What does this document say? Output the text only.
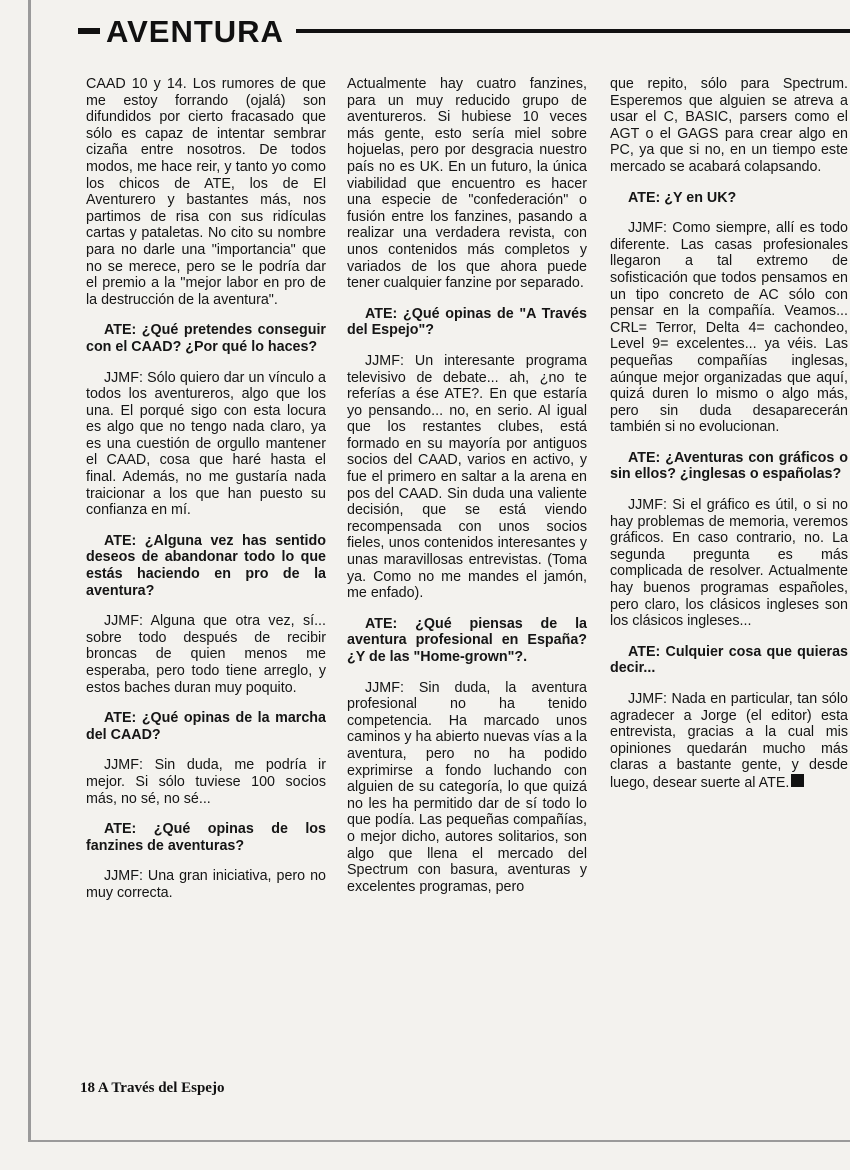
AVENTURA

CAAD 10 y 14. Los rumores de que me estoy forrando (ojalá) son difundidos por cierto fracasado que sólo es capaz de intentar sembrar cizaña entre nosotros. De todos modos, me hace reir, y tanto yo como los chicos de ATE, los de El Aventurero y bastantes más, nos partimos de risa con sus ridículas cartas y pataletas. No cito su nombre para no darle una "importancia" que no se merece, pero se le podría dar el premio a la "mejor labor en pro de la destrucción de la aventura".

ATE: ¿Qué pretendes conseguir con el CAAD? ¿Por qué lo haces?

JJMF: Sólo quiero dar un vínculo a todos los aventureros, algo que los una. El porqué sigo con esta locura es algo que no tengo nada claro, ya es una cuestión de orgullo mantener el CAAD, cosa que haré hasta el final. Además, no me gustaría nada traicionar a los que han puesto su confianza en mí.

ATE: ¿Alguna vez has sentido deseos de abandonar todo lo que estás haciendo en pro de la aventura?

JJMF: Alguna que otra vez, sí... sobre todo después de recibir broncas de quien menos me esperaba, pero todo tiene arreglo, y estos baches duran muy poquito.

ATE: ¿Qué opinas de la marcha del CAAD?

JJMF: Sin duda, me podría ir mejor. Si sólo tuviese 100 socios más, no sé, no sé...

ATE: ¿Qué opinas de los fanzines de aventuras?

JJMF: Una gran iniciativa, pero no muy correcta.

Actualmente hay cuatro fanzines, para un muy reducido grupo de aventureros. Si hubiese 10 veces más gente, esto sería miel sobre hojuelas, pero por desgracia nuestro país no es UK. En un futuro, la única viabilidad que encuentro es hacer una especie de "confederación" o fusión entre los fanzines, pasando a realizar una verdadera revista, con unos contenidos más completos y variados de los que ahora puede tener cualquier fanzine por separado.

ATE: ¿Qué opinas de "A Través del Espejo"?

JJMF: Un interesante programa televisivo de debate... ah, ¿no te referías a ése ATE?. En que estaría yo pensando... no, en serio. Al igual que los restantes clubes, está formado en su mayoría por antiguos socios del CAAD, varios en activo, y fue el primero en saltar a la arena en pos del CAAD. Sin duda una valiente decisión, que se está viendo recompensada con unos socios fieles, unos contenidos interesantes y unas maravillosas entrevistas. (Toma ya. Como no me mandes el jamón, me enfado).

ATE: ¿Qué piensas de la aventura profesional en España? ¿Y de las "Home-grown"?.

JJMF: Sin duda, la aventura profesional no ha tenido competencia. Ha marcado unos caminos y ha abierto nuevas vías a la aventura, pero no ha podido exprimirse a fondo luchando con alguien de su categoría, lo que quizá no les ha permitido dar de sí todo lo que podía. Las pequeñas compañías, o mejor dicho, autores solitarios, son algo que llena el mercado del Spectrum con basura, aventuras y excelentes programas, pero

que repito, sólo para Spectrum. Esperemos que alguien se atreva a usar el C, BASIC, parsers como el AGT o el GAGS para crear algo en PC, ya que si no, en un tiempo este mercado se acabará colapsando.

ATE: ¿Y en UK?

JJMF: Como siempre, allí es todo diferente. Las casas profesionales llegaron a tal extremo de sofisticación que todos pensamos en un tipo concreto de AC sólo con pensar en la compañía. Veamos... CRL= Terror, Delta 4= cachondeo, Level 9= excelentes... ya véis. Las pequeñas compañías inglesas, aúnque mejor organizadas que aquí, quizá duren lo mismo o algo más, pero sin duda desaparecerán también si no evolucionan.

ATE: ¿Aventuras con gráficos o sin ellos? ¿inglesas o españolas?

JJMF: Si el gráfico es útil, o si no hay problemas de memoria, veremos gráficos. En caso contrario, no. La segunda pregunta es más complicada de resolver. Actualmente hay buenos programas españoles, pero claro, los clásicos ingleses son los clásicos ingleses...

ATE: Culquier cosa que quieras decir...

JJMF: Nada en particular, tan sólo agradecer a Jorge (el editor) esta entrevista, gracias a la cual mis opiniones quedarán mucho más claras a bastante gente, y desde luego, desear suerte al ATE.

18 A Través del Espejo
